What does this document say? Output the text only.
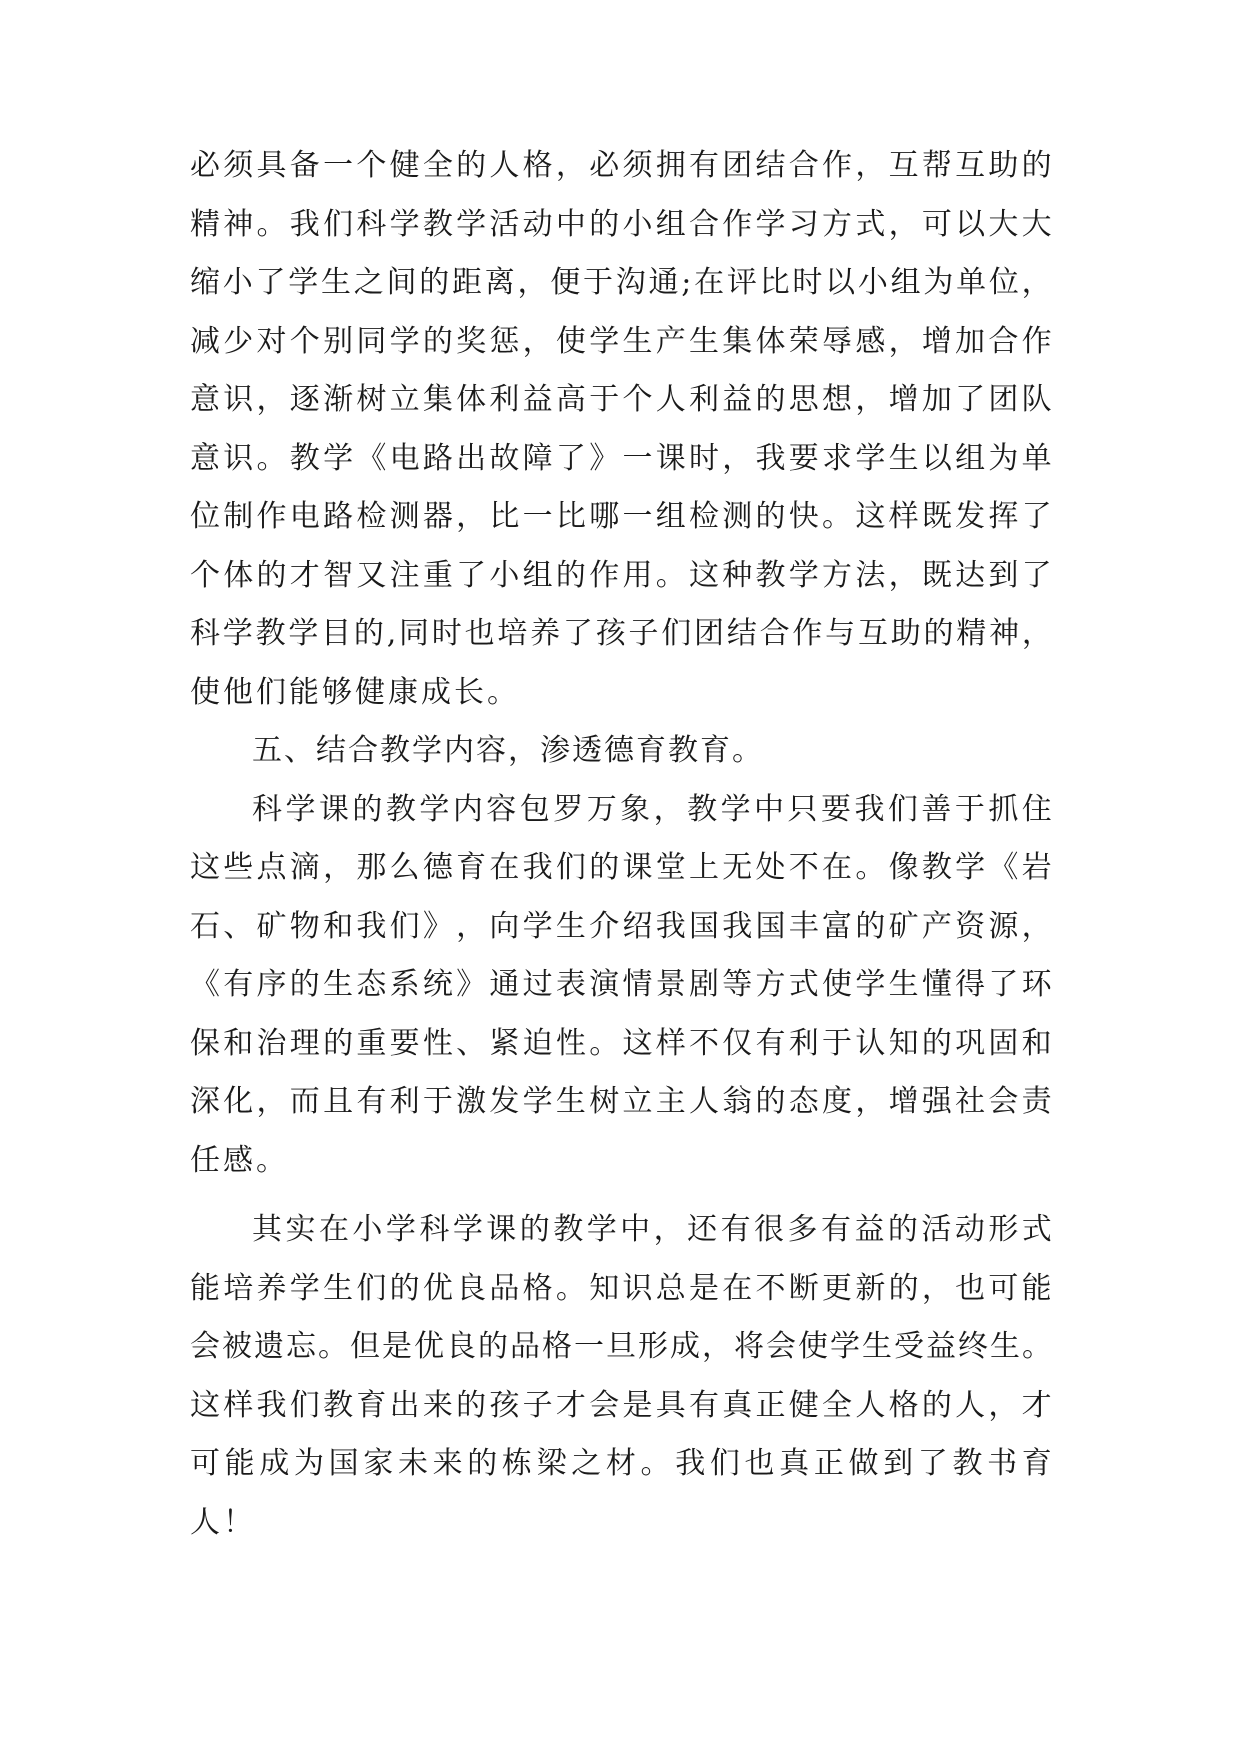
必 须 具 备 一 个 健 全 的 人 格 ， 必 须 拥 有 团 结 合 作 ， 互 帮 互 助 的
精 神 。 我 们 科 学 教 学 活 动 中 的 小 组 合 作 学 习 方 式 ， 可 以 大 大
缩 小 了 学 生 之 间 的 距 离 ， 便 于 沟 通 ; 在 评 比 时 以 小 组 为 单 位 ，
减 少 对 个 别 同 学 的 奖 惩 ， 使 学 生 产 生 集 体 荣 辱 感 ， 增 加 合 作
意 识 ， 逐 渐 树 立 集 体 利 益 高 于 个 人 利 益 的 思 想 ， 增 加 了 团 队
意 识 。 教 学 《 电 路 出 故 障 了 》 一 课 时 ， 我 要 求 学 生 以 组 为 单
位 制 作 电 路 检 测 器 ， 比 一 比 哪 一 组 检 测 的 快 。 这 样 既 发 挥 了
个 体 的 才 智 又 注 重 了 小 组 的 作 用 。 这 种 教 学 方 法 ， 既 达 到 了
科 学 教 学 目 的 , 同 时 也 培 养 了 孩 子 们 团 结 合 作 与 互 助 的 精 神 ，
使他们能够健康成长。
五、结合教学内容，渗透德育教育。
科 学 课 的 教 学 内 容 包 罗 万 象 ， 教 学 中 只 要 我 们 善 于 抓 住
这 些 点 滴 ， 那 么 德 育 在 我 们 的 课 堂 上 无 处 不 在 。 像 教 学 《 岩
石 、 矿 物 和 我 们 》 ， 向 学 生 介 绍 我 国 我 国 丰 富 的 矿 产 资 源 ，
《 有 序 的 生 态 系 统 》 通 过 表 演 情 景 剧 等 方 式 使 学 生 懂 得 了 环
保 和 治 理 的 重 要 性 、 紧 迫 性 。 这 样 不 仅 有 利 于 认 知 的 巩 固 和
深 化 ， 而 且 有 利 于 激 发 学 生 树 立 主 人 翁 的 态 度 ， 增 强 社 会 责
任感。
其 实 在 小 学 科 学 课 的 教 学 中 ， 还 有 很 多 有 益 的 活 动 形 式
能 培 养 学 生 们 的 优 良 品 格 。 知 识 总 是 在 不 断 更 新 的 ， 也 可 能
会 被 遗 忘 。 但 是 优 良 的 品 格 一 旦 形 成 ， 将 会 使 学 生 受 益 终 生 。
这 样 我 们 教 育 出 来 的 孩 子 才 会 是 具 有 真 正 健 全 人 格 的 人 ， 才
可 能 成 为 国 家 未 来 的 栋 梁 之 材 。 我 们 也 真 正 做 到 了 教 书 育
人！
